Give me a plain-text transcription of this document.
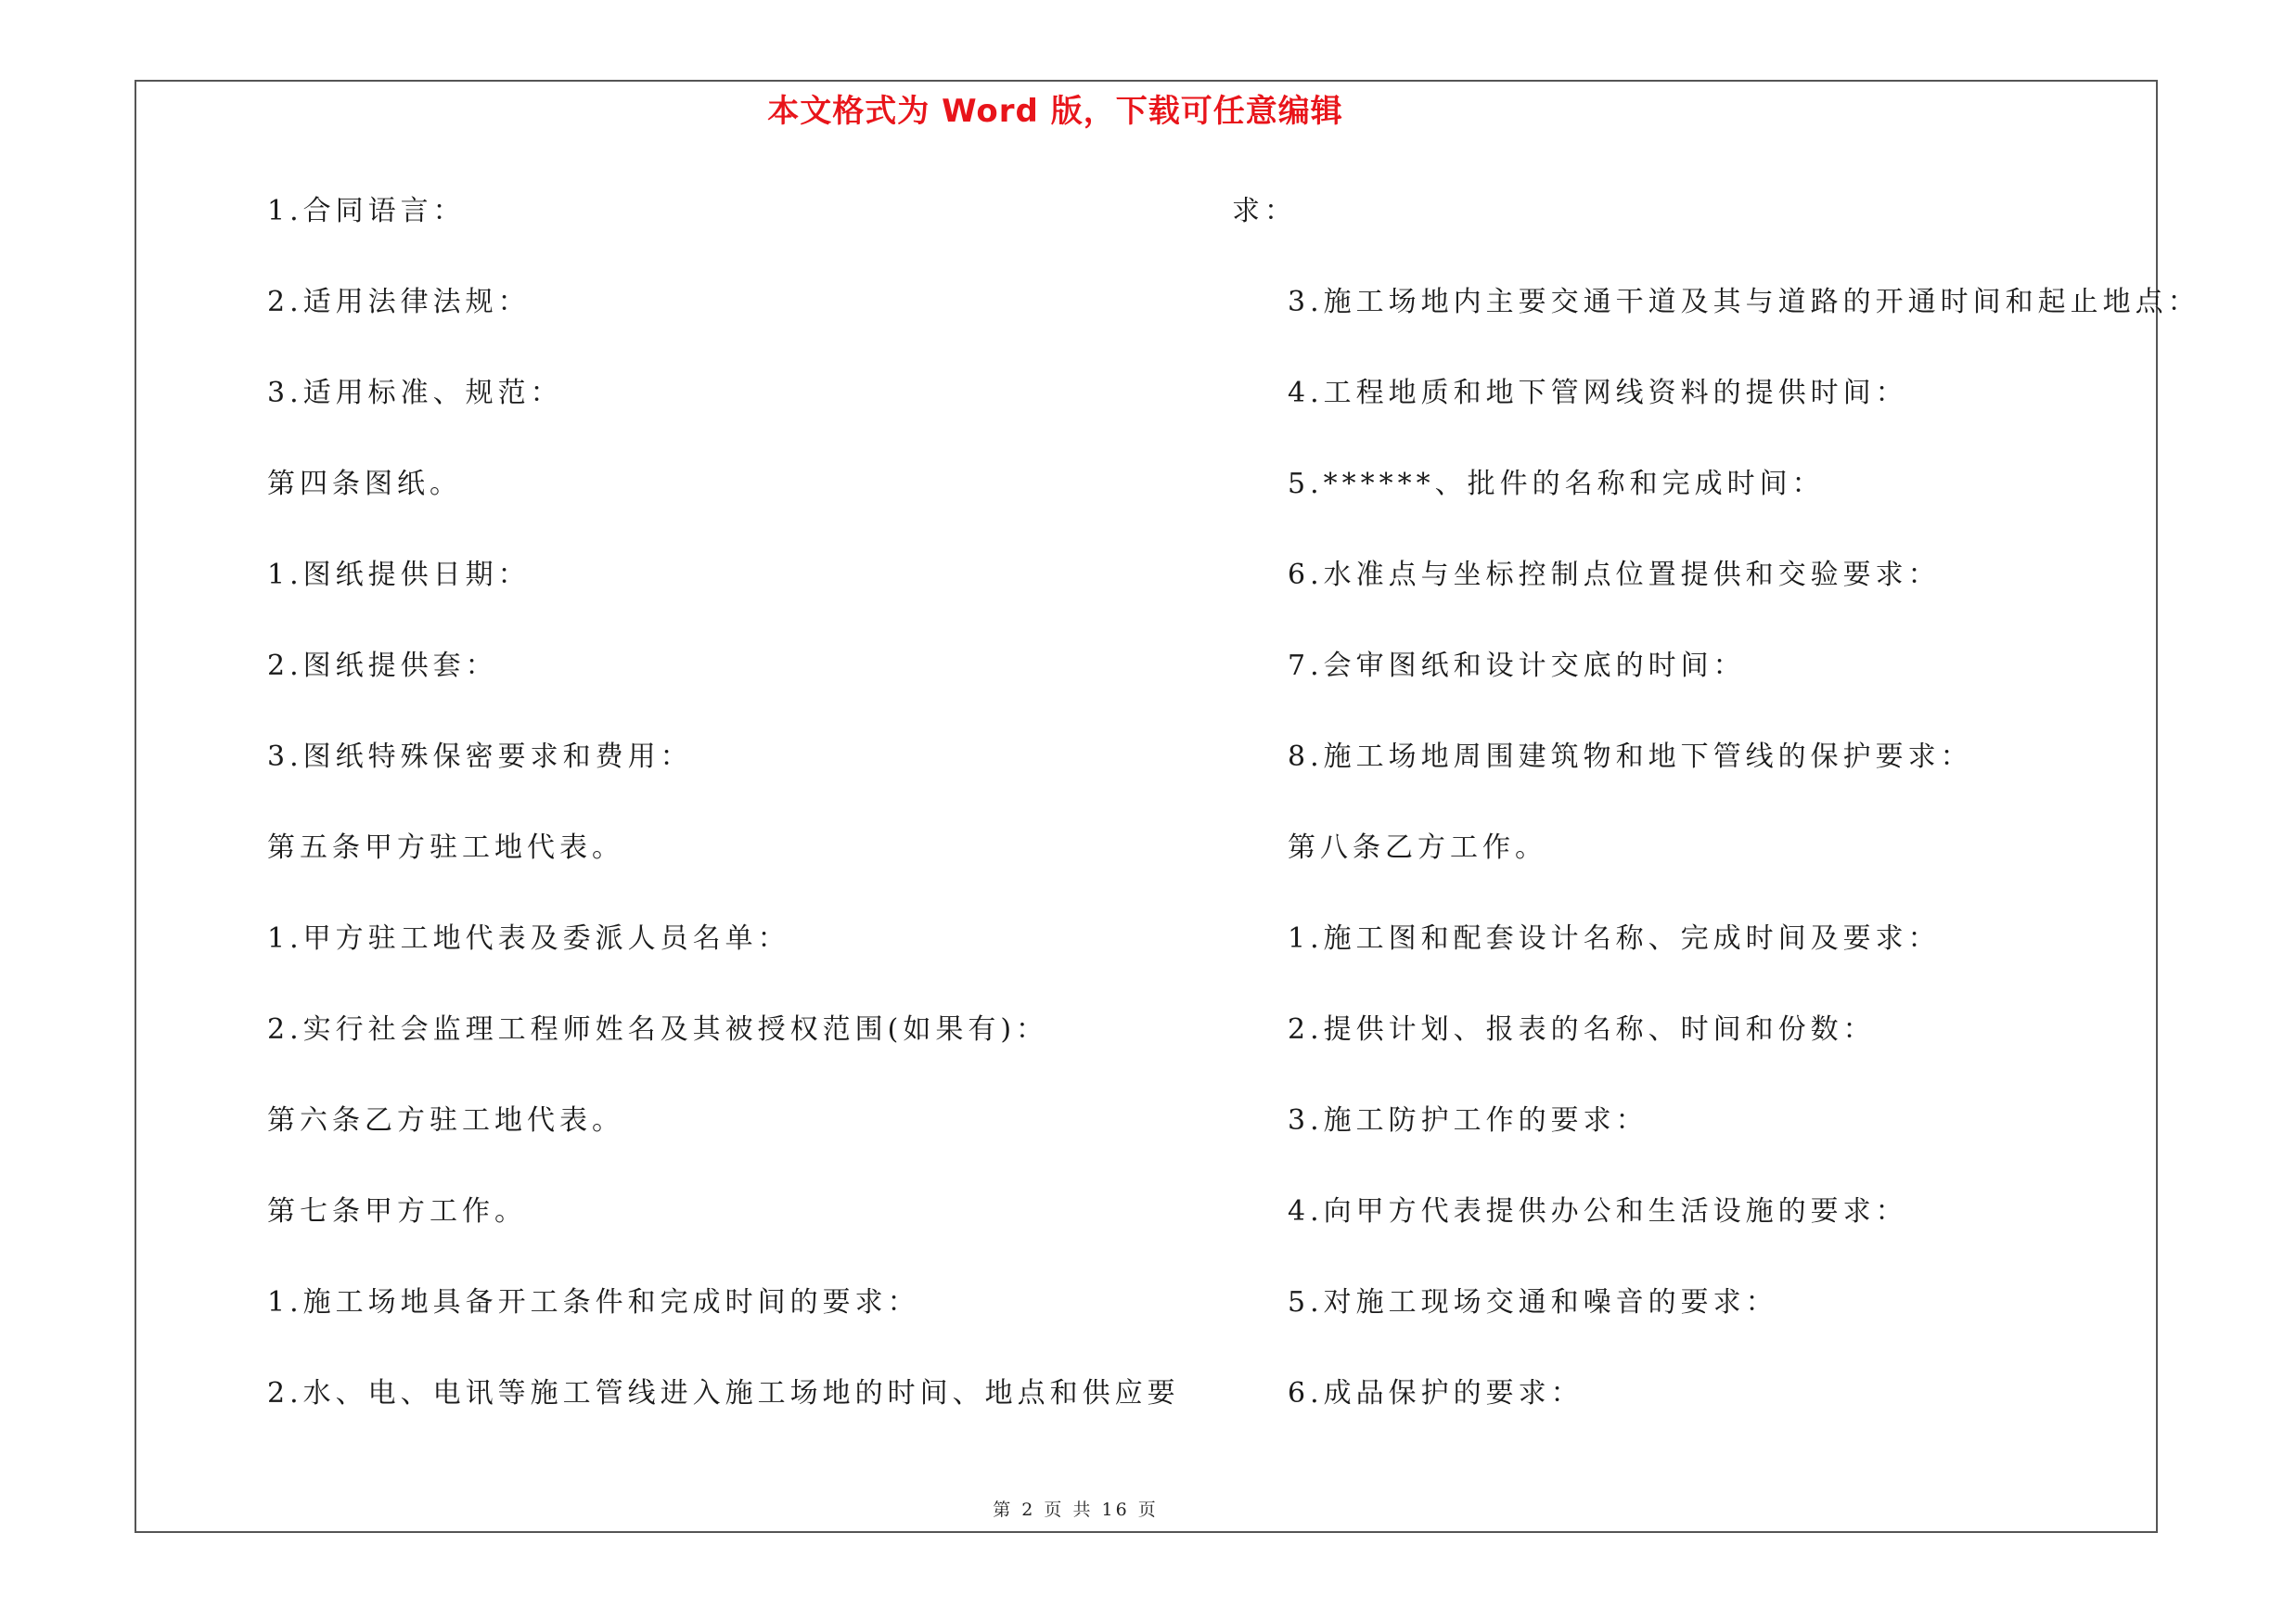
本文格式为 Word 版，下载可任意编辑
1.合同语言：
2.适用法律法规：
3.适用标准、规范：
第四条图纸。
1.图纸提供日期：
2.图纸提供套：
3.图纸特殊保密要求和费用：
第五条甲方驻工地代表。
1.甲方驻工地代表及委派人员名单：
2.实行社会监理工程师姓名及其被授权范围(如果有)：
第六条乙方驻工地代表。
第七条甲方工作。
1.施工场地具备开工条件和完成时间的要求：
2.水、电、电讯等施工管线进入施工场地的时间、地点和供应要
求：
3.施工场地内主要交通干道及其与道路的开通时间和起止地点：
4.工程地质和地下管网线资料的提供时间：
5.******、批件的名称和完成时间：
6.水准点与坐标控制点位置提供和交验要求：
7.会审图纸和设计交底的时间：
8.施工场地周围建筑物和地下管线的保护要求：
第八条乙方工作。
1.施工图和配套设计名称、完成时间及要求：
2.提供计划、报表的名称、时间和份数：
3.施工防护工作的要求：
4.向甲方代表提供办公和生活设施的要求：
5.对施工现场交通和噪音的要求：
6.成品保护的要求：
第 2 页 共 16 页
